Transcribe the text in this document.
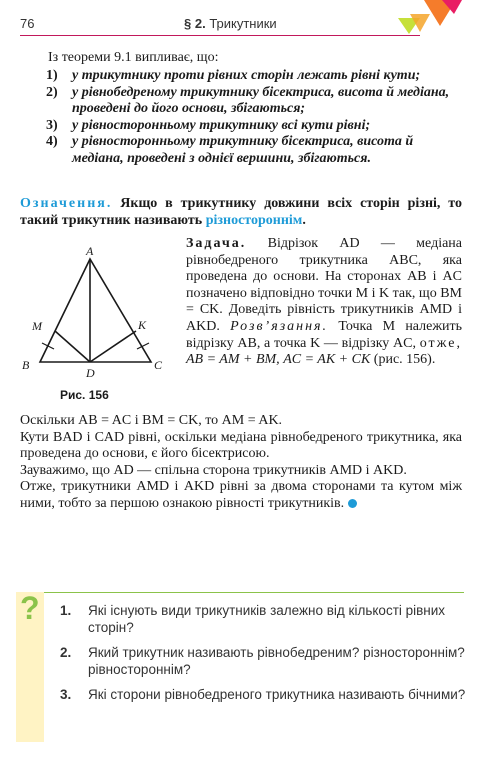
76	§ 2. Трикутники
Із теореми 9.1 випливає, що:
1) у трикутнику проти рівних сторін лежать рівні кути;
2) у рівнобедреному трикутнику бісектриса, висота й медіана, проведені до його основи, збігаються;
3) у рівносторонньому трикутнику всі кути рівні;
4) у рівносторонньому трикутнику бісектриса, висота й медіана, проведені з однієї вершини, збігаються.
Означення. Якщо в трикутнику довжини всіх сторін різні, то такий трикутник називають різностороннім.
A
B	C
D
M	K
Рис. 156
Задача. Відрізок AD — медіана рівнобедреного трикутника ABC, яка проведена до основи. На сторонах AB і AC позначено відповідно точки M і K так, що BM = CK. Доведіть рівність трикутників AMD і AKD. Розв’язання. Точка M належить відрізку AB, а точка K — відрізку AC, отже, AB = AM + BM, AC = AK + CK (рис. 156).
Оскільки AB = AC і BM = CK, то AM = AK.
Кути BAD і CAD рівні, оскільки медіана рівнобедреного трикутника, яка проведена до основи, є його бісектрисою.
Зауважимо, що AD — спільна сторона трикутників AMD і AKD.
Отже, трикутники AMD і AKD рівні за двома сторонами та кутом між ними, тобто за першою ознакою рівності трикутників.
? 1. Які існують види трикутників залежно від кількості рівних сторін?
2. Який трикутник називають рівнобедреним? різностороннім? рівностороннім?
3. Які сторони рівнобедреного трикутника називають бічними?
